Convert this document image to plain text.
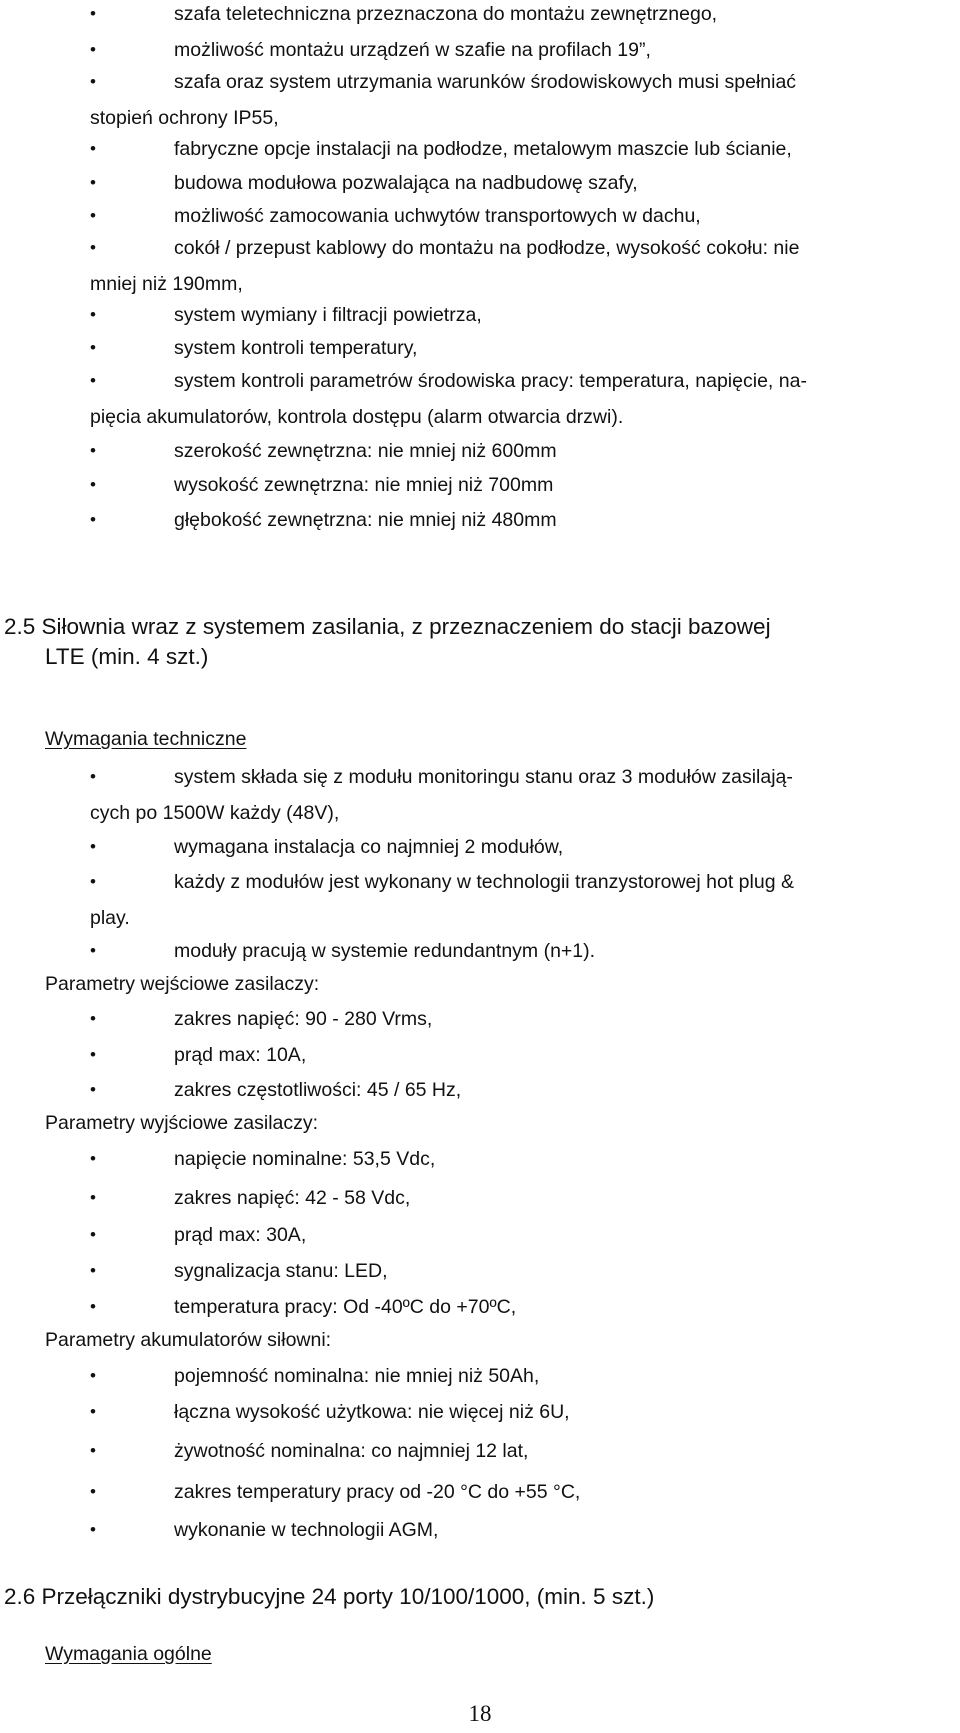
• szafa teletechniczna przeznaczona do montażu zewnętrznego,
• możliwość montażu urządzeń w szafie na profilach 19”,
• szafa oraz system utrzymania warunków środowiskowych musi spełniać
stopień ochrony IP55,
• fabryczne opcje instalacji na podłodze, metalowym maszcie lub ścianie,
• budowa modułowa pozwalająca na nadbudowę szafy,
• możliwość zamocowania uchwytów transportowych w dachu,
• cokół / przepust kablowy do montażu na podłodze, wysokość cokołu: nie
mniej niż 190mm,
• system wymiany i filtracji powietrza,
• system kontroli temperatury,
• system kontroli parametrów środowiska pracy: temperatura, napięcie, na-
pięcia akumulatorów, kontrola dostępu (alarm otwarcia drzwi).
• szerokość zewnętrzna: nie mniej niż 600mm
• wysokość zewnętrzna: nie mniej niż 700mm
• głębokość zewnętrzna: nie mniej niż 480mm
2.5 Siłownia wraz z systemem zasilania, z przeznaczeniem do stacji bazowej
LTE (min. 4 szt.)
Wymagania techniczne
• system składa się z modułu monitoringu stanu oraz 3 modułów zasilają-
cych po 1500W każdy (48V),
• wymagana instalacja co najmniej 2 modułów,
• każdy z modułów jest wykonany w technologii tranzystorowej hot plug &
play.
• moduły pracują w systemie redundantnym (n+1).
Parametry wejściowe zasilaczy:
• zakres napięć: 90 - 280 Vrms,
• prąd max: 10A,
• zakres częstotliwości: 45 / 65 Hz,
Parametry wyjściowe zasilaczy:
• napięcie nominalne: 53,5 Vdc,
• zakres napięć: 42 - 58 Vdc,
• prąd max: 30A,
• sygnalizacja stanu: LED,
• temperatura pracy: Od -40ºC do +70ºC,
Parametry akumulatorów siłowni:
• pojemność nominalna: nie mniej niż 50Ah,
• łączna wysokość użytkowa: nie więcej niż 6U,
• żywotność nominalna: co najmniej 12 lat,
• zakres temperatury pracy od -20 °C do +55 °C,
• wykonanie w technologii AGM,
2.6 Przełączniki dystrybucyjne 24 porty 10/100/1000, (min. 5 szt.)
Wymagania ogólne
18
